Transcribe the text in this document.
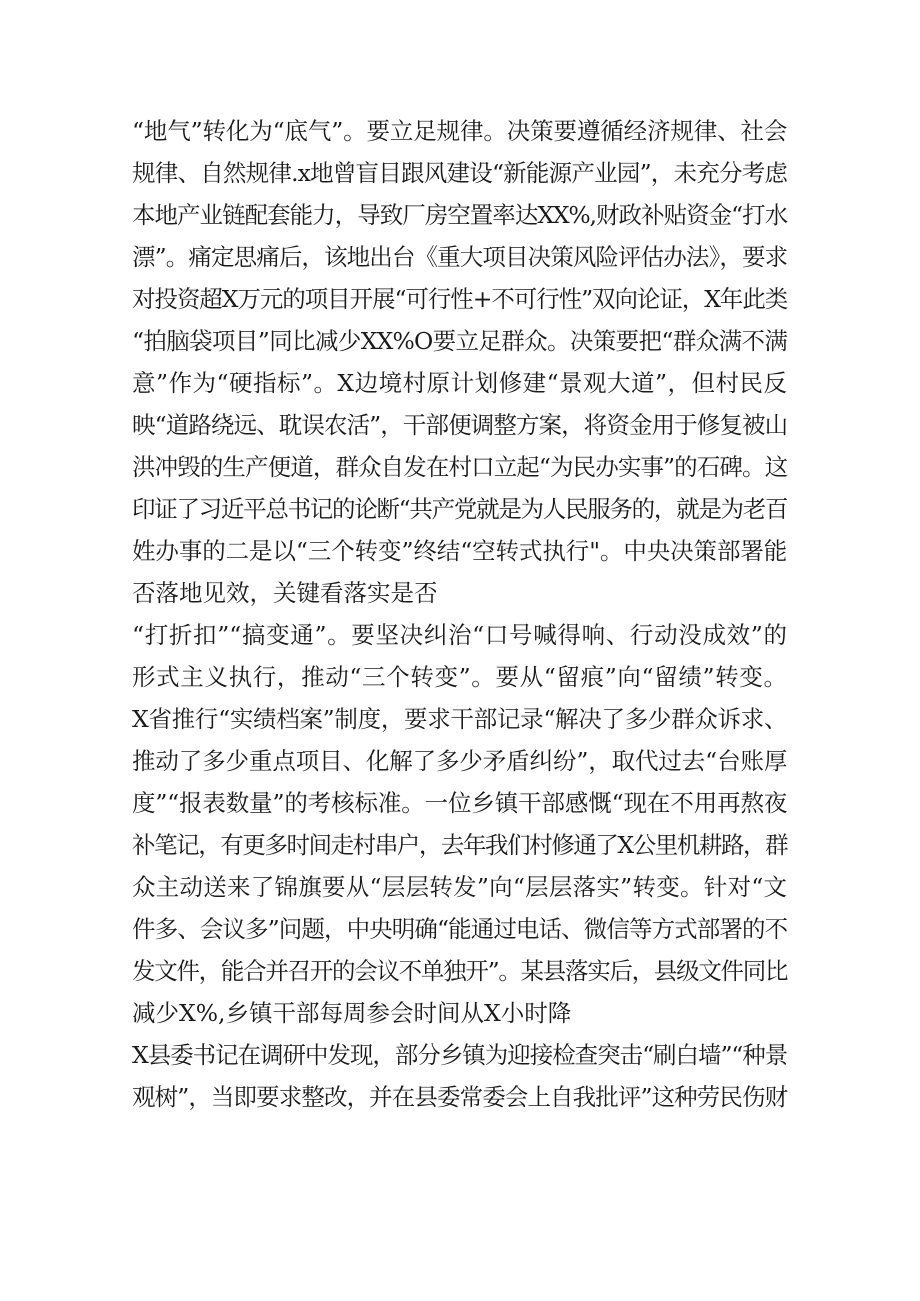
“地气”转化为“底气”。要立足规律。决策要遵循经济规律、社会
规律、自然规律.x地曾盲目跟风建设“新能源产业园”，未充分考虑
本地产业链配套能力，导致厂房空置率达XX%,财政补贴资金“打水
漂”。痛定思痛后，该地出台《重大项目决策风险评估办法》，要求
对投资超X万元的项目开展“可行性+不可行性”双向论证，X年此类
“拍脑袋项目”同比减少XX%O要立足群众。决策要把“群众满不满
意”作为“硬指标”。X边境村原计划修建“景观大道”，但村民反
映“道路绕远、耽误农活”，干部便调整方案，将资金用于修复被山
洪冲毁的生产便道，群众自发在村口立起“为民办实事”的石碑。这
印证了习近平总书记的论断“共产党就是为人民服务的，就是为老百
姓办事的二是以“三个转变”终结“空转式执行"。中央决策部署能
否落地见效，关键看落实是否
“打折扣”“搞变通”。要坚决纠治“口号喊得响、行动没成效”的
形式主义执行，推动“三个转变”。要从“留痕”向“留绩”转变。
X省推行“实绩档案”制度，要求干部记录“解决了多少群众诉求、
推动了多少重点项目、化解了多少矛盾纠纷”，取代过去“台账厚
度”“报表数量”的考核标准。一位乡镇干部感慨“现在不用再熬夜
补笔记，有更多时间走村串户，去年我们村修通了X公里机耕路，群
众主动送来了锦旗要从“层层转发”向“层层落实”转变。针对“文
件多、会议多”问题，中央明确“能通过电话、微信等方式部署的不
发文件，能合并召开的会议不单独开”。某县落实后，县级文件同比
减少X%,乡镇干部每周参会时间从X小时降
X县委书记在调研中发现，部分乡镇为迎接检查突击“刷白墙”“种景
观树”，当即要求整改，并在县委常委会上自我批评”这种劳民伤财
